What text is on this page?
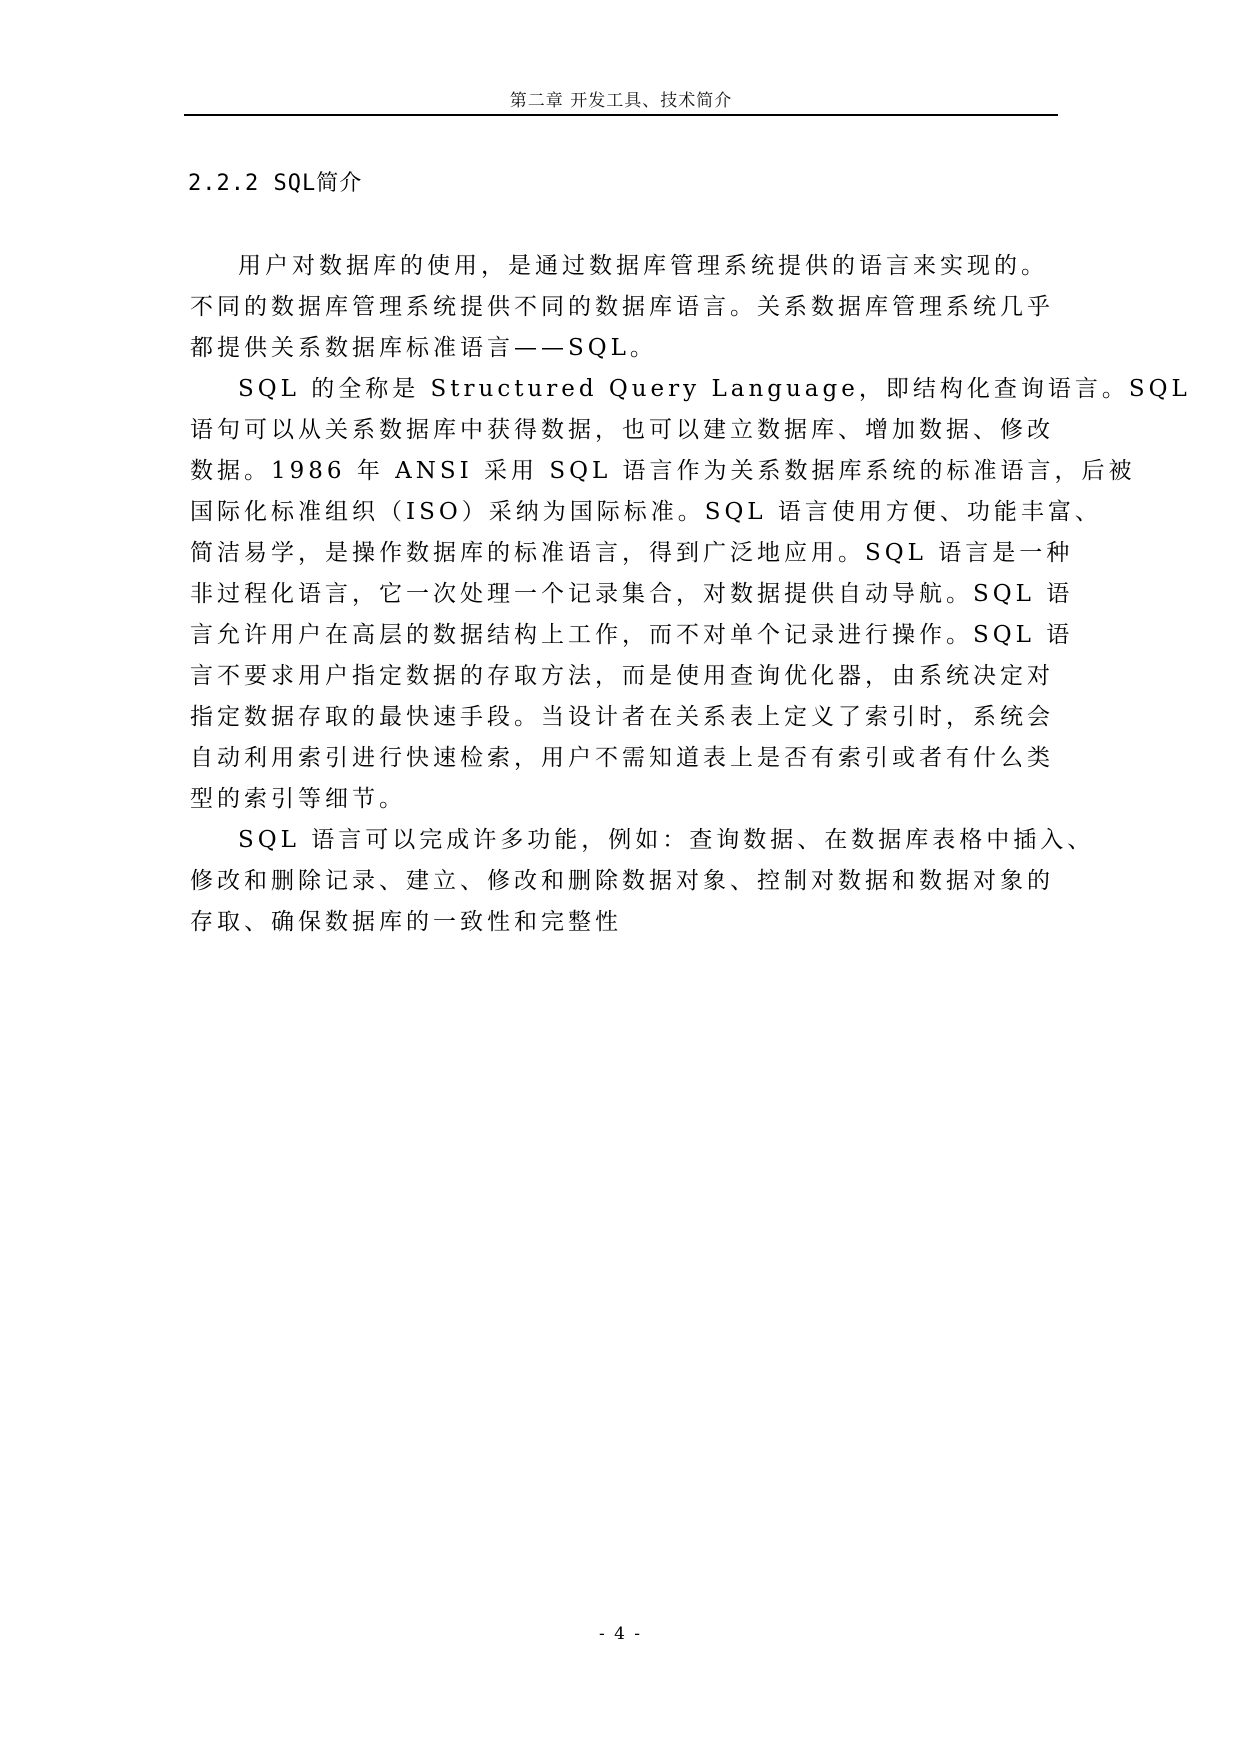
第二章 开发工具、技术简介
2.2.2 SQL简介
用户对数据库的使用，是通过数据库管理系统提供的语言来实现的。
不同的数据库管理系统提供不同的数据库语言。关系数据库管理系统几乎
都提供关系数据库标准语言——SQL。
SQL 的全称是 Structured Query Language，即结构化查询语言。SQL
语句可以从关系数据库中获得数据，也可以建立数据库、增加数据、修改
数据。1986 年 ANSI 采用 SQL 语言作为关系数据库系统的标准语言，后被
国际化标准组织（ISO）采纳为国际标准。SQL 语言使用方便、功能丰富、
简洁易学，是操作数据库的标准语言，得到广泛地应用。SQL 语言是一种
非过程化语言，它一次处理一个记录集合，对数据提供自动导航。SQL 语
言允许用户在高层的数据结构上工作，而不对单个记录进行操作。SQL 语
言不要求用户指定数据的存取方法，而是使用查询优化器，由系统决定对
指定数据存取的最快速手段。当设计者在关系表上定义了索引时，系统会
自动利用索引进行快速检索，用户不需知道表上是否有索引或者有什么类
型的索引等细节。
SQL 语言可以完成许多功能，例如：查询数据、在数据库表格中插入、
修改和删除记录、建立、修改和删除数据对象、控制对数据和数据对象的
存取、确保数据库的一致性和完整性
- 4 -
